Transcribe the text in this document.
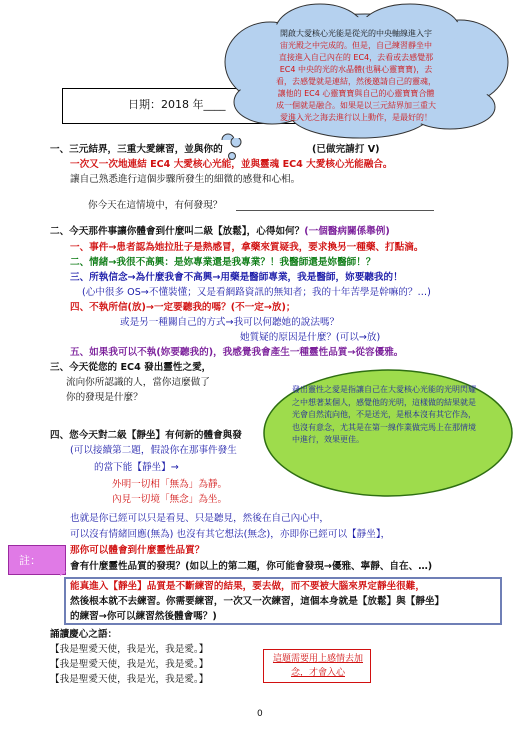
日期：2018 年____
一、三元結界，三重大愛練習，並與你的	(已做完請打 V)
一次又一次地連結 EC4 大愛核心光能，並與靈魂 EC4 大愛核心光能融合。
讓自己熟悉進行這個步驟所發生的細微的感覺和心相。
你今天在這情境中，有何發現？
二、今天那件事讓你體會到什麼叫二級【放鬆】，心得如何？(一個醫病關係舉例)
一、事件→患者認為她拉肚子是熱感冒，拿藥來質疑我，要求換另一種藥、打點滴。
二、情緒→我很不高興：是妳專業還是我專業？！我醫師還是妳醫師！？
三、所執信念→為什麼我會不高興→用藥是醫師專業，我是醫師，妳要聽我的！
(心中很多 OS→不懂裝懂；又是看網路資訊的無知者；我的十年苦學是幹嘛的？…)
四、不執所信(放)→一定要聽我的嗎？(不一定→放)；
或是另一種關自己的方式→我可以何聽她的說法嗎？
她質疑的原因是什麼？(可以→放)
五、如果我可以不執(妳要聽我的)，我感覺我會產生一種靈性品質→從容優雅。
三、今天從您的 EC4 發出靈性之愛，
流向你所認識的人，當你這麼做了
你的發現是什麼？
四、您今天對二級【靜坐】有何新的體會與發
(可以接續第二題，假設你在那事件發生
的當下能【靜坐】→
外明一切相「無為」為靜。
內見一切境「無念」為坐。
也就是你已經可以只是看見、只是聽見，然後在自己內心中，
可以沒有情緒回應(無為) 也沒有其它想法(無念)，亦即你已經可以【靜坐】，
那你可以體會到什麼靈性品質？
會有什麼靈性品質的發現？(如以上的第二題，你可能會發現→優雅、寧靜、自在、…)
註：
能真進入【靜坐】品質是不斷練習的結果，要去做，而不要被大腦來界定靜坐很難，
然後根本就不去練習。你需要練習，一次又一次練習，這個本身就是【放鬆】與【靜坐】
的練習→你可以練習然後體會嗎？)
誦讀慶心之語：
【我是聖愛天使，我是光，我是愛。】
【我是聖愛天使，我是光，我是愛。】
【我是聖愛天使，我是光，我是愛。】
這題需要用上感情去加念，才會入心
0
開啟大愛核心光能是從光的中央軸線進入宇
宙光殿之中完成的。但是，自己練習靜坐中
直接進入自己內在的 EC4，去看或去感覺那
EC4 中央的光的水晶體(也稱心靈寶寶)，去
看，去感覺就是連結，然後邀請自己的靈魂，
讓他的 EC4 心靈寶寶與自己的心靈寶寶合體
成一個就是融合。如果是以三元結界加三重大
愛進入光之海去進行以上動作，是最好的！
發出靈性之愛是指讓自己在大愛核心光能的光明閃耀之中想著某個人，感覺他的光明，這樣做的結果就是光會自然流向他，不是送光，是根本沒有其它作為，也沒有意念，尤其是在第一線作業做完馬上在那情境中進行，效果更佳。
